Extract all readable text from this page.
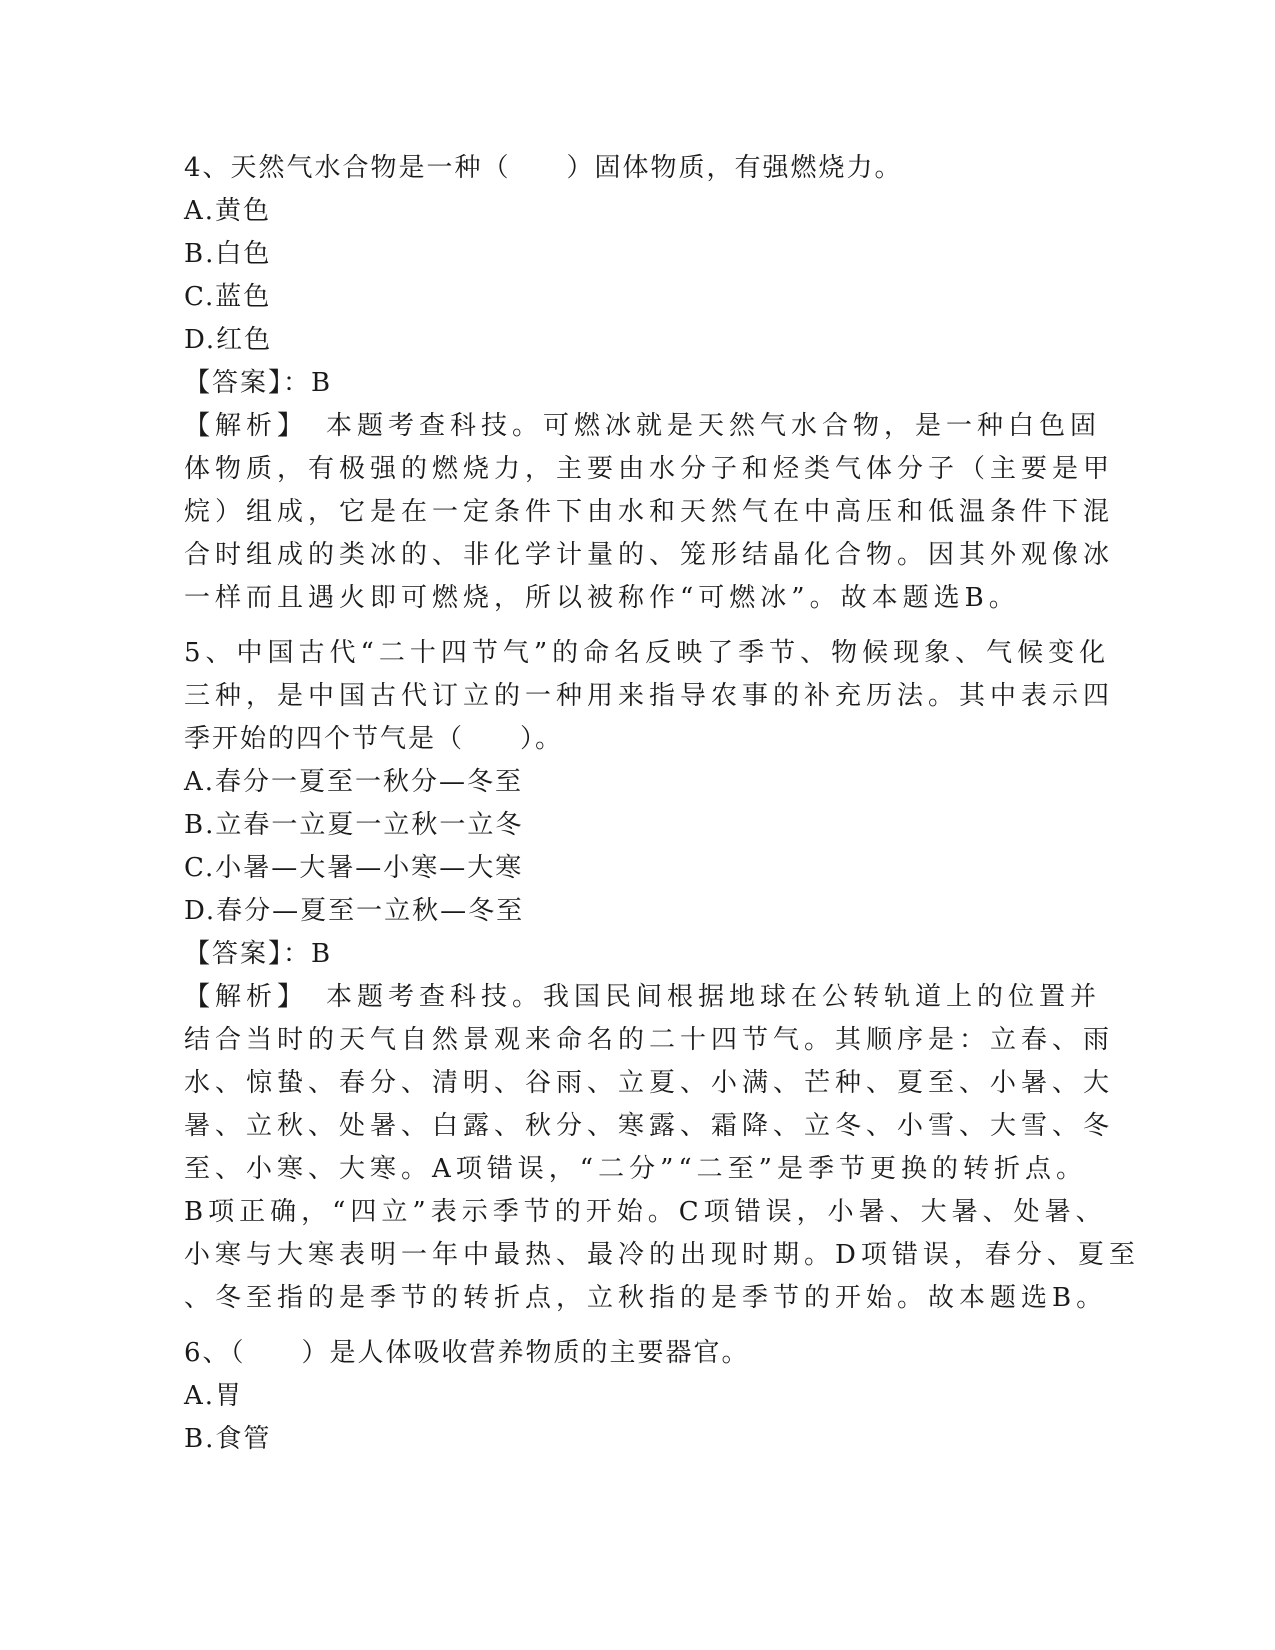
4、天然气水合物是一种（　　）固体物质，有强燃烧力。
A.黄色
B.白色
C.蓝色
D.红色
【答案】：B
【解析】　本题考查科技。可燃冰就是天然气水合物，是一种白色固
体物质，有极强的燃烧力，主要由水分子和烃类气体分子（主要是甲
烷）组成，它是在一定条件下由水和天然气在中高压和低温条件下混
合时组成的类冰的、非化学计量的、笼形结晶化合物。因其外观像冰
一样而且遇火即可燃烧，所以被称作“可燃冰”。故本题选B。
5、中国古代“二十四节气”的命名反映了季节、物候现象、气候变化
三种，是中国古代订立的一种用来指导农事的补充历法。其中表示四
季开始的四个节气是（　　）。
A.春分一夏至一秋分—冬至
B.立春一立夏一立秋一立冬
C.小暑—大暑—小寒—大寒
D.春分—夏至一立秋—冬至
【答案】：B
【解析】　本题考查科技。我国民间根据地球在公转轨道上的位置并
结合当时的天气自然景观来命名的二十四节气。其顺序是：立春、雨
水、惊蛰、春分、清明、谷雨、立夏、小满、芒种、夏至、小暑、大
暑、立秋、处暑、白露、秋分、寒露、霜降、立冬、小雪、大雪、冬
至、小寒、大寒。A项错误，“二分”“二至”是季节更换的转折点。
B项正确，“四立”表示季节的开始。C项错误，小暑、大暑、处暑、
小寒与大寒表明一年中最热、最冷的出现时期。D项错误，春分、夏至
、冬至指的是季节的转折点，立秋指的是季节的开始。故本题选B。
6、（　　）是人体吸收营养物质的主要器官。
A.胃
B.食管
